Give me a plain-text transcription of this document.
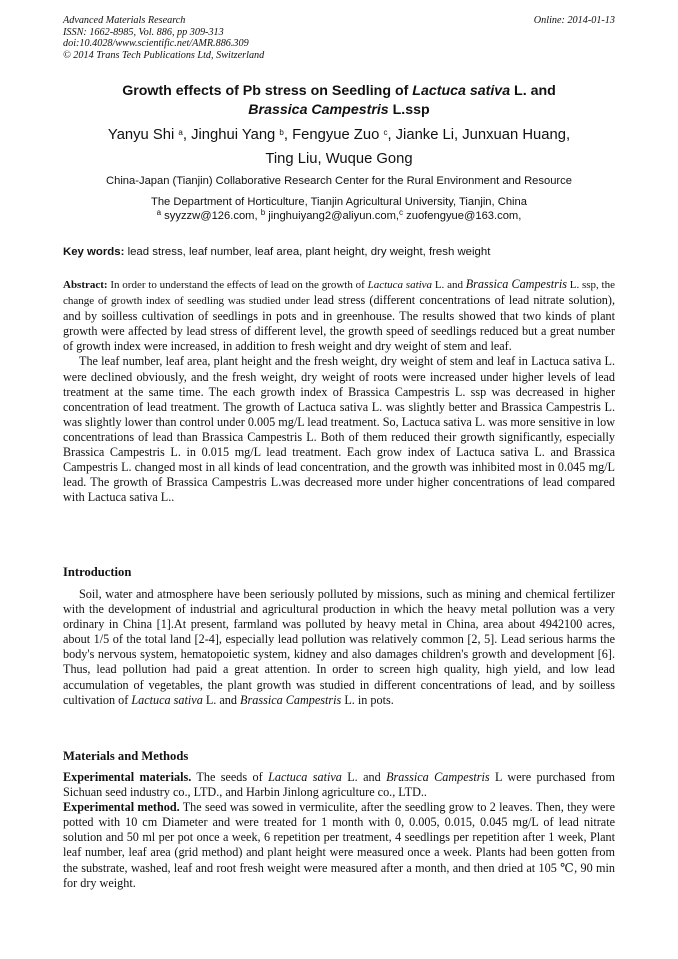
Advanced Materials Research
ISSN: 1662-8985, Vol. 886, pp 309-313
doi:10.4028/www.scientific.net/AMR.886.309
© 2014 Trans Tech Publications Ltd, Switzerland
Online: 2014-01-13
Growth effects of Pb stress on Seedling of Lactuca sativa L. and
Brassica Campestris L.ssp
Yanyu Shi $^a$, Jinghui Yang $^b$, Fengyue Zuo $^c$, Jianke Li, Junxuan Huang,
Ting Liu, Wuque Gong
China-Japan (Tianjin) Collaborative Research Center for the Rural Environment and Resource
The Department of Horticulture, Tianjin Agricultural University, Tianjin, China
$^a$ syyzzw@126.com, $^b$ jinghuiyang2@aliyun.com,$^c$ zuofengyue@163.com,
Key words: lead stress, leaf number, leaf area, plant height, dry weight, fresh weight

Abstract: In order to understand the effects of lead on the growth of Lactuca sativa L. and Brassica Campestris L. ssp, the change of growth index of seedling was studied under lead stress (different concentrations of lead nitrate solution), and by soilless cultivation of seedlings in pots and in greenhouse. The results showed that two kinds of plant growth were affected by lead stress of different level, the growth speed of seedlings reduced but a great number of growth index were increased, in addition to fresh weight and dry weight of stem and leaf.

The leaf number, leaf area, plant height and the fresh weight, dry weight of stem and leaf in Lactuca sativa L. were declined obviously, and the fresh weight, dry weight of roots were increased under higher levels of lead treatment at the same time. The each growth index of Brassica Campestris L. ssp was decreased in higher concentration of lead treatment. The growth of Lactuca sativa L. was slightly better and Brassica Campestris L. was slightly lower than control under 0.005 mg/L lead treatment. So, Lactuca sativa L. was more sensitive in low concentrations of lead than Brassica Campestris L. Both of them reduced their growth significantly, especially Brassica Campestris L. in 0.015 mg/L lead treatment. Each grow index of Lactuca sativa L. and Brassica Campestris L. changed most in all kinds of lead concentration, and the growth was inhibited most in 0.045 mg/L lead. The growth of Brassica Campestris L.was decreased more under higher concentrations of lead compared with Lactuca sativa L..

Introduction

Soil, water and atmosphere have been seriously polluted by missions, such as mining and chemical fertilizer with the development of industrial and agricultural production in which the heavy metal pollution was a very ordinary in China [1].At present, farmland was polluted by heavy metal in China, area about 4942100 acres, about 1/5 of the total land [2-4], especially lead pollution was relatively common [2, 5]. Lead serious harms the body's nervous system, hematopoietic system, kidney and also damages children's growth and development [6]. Thus, lead pollution had paid a great attention. In order to screen high quality, high yield, and low lead accumulation of vegetables, the plant growth was studied in different concentrations of lead, and by soilless cultivation of Lactuca sativa L. and Brassica Campestris L. in pots.

Materials and Methods

Experimental materials. The seeds of Lactuca sativa L. and Brassica Campestris L were purchased from Sichuan seed industry co., LTD., and Harbin Jinlong agriculture co., LTD..

Experimental method. The seed was sowed in vermiculite, after the seedling grow to 2 leaves. Then, they were potted with 10 cm Diameter and were treated for 1 month with 0, 0.005, 0.015, 0.045 mg/L of lead nitrate solution and 50 ml per pot once a week, 6 repetition per treatment, 4 seedlings per repetition after 1 week, Plant leaf number, leaf area (grid method) and plant height were measured once a week. Plants had been gotten from the substrate, washed, leaf and root fresh weight were measured after a month, and then dried at 105 ℃, 90 min for dry weight.
